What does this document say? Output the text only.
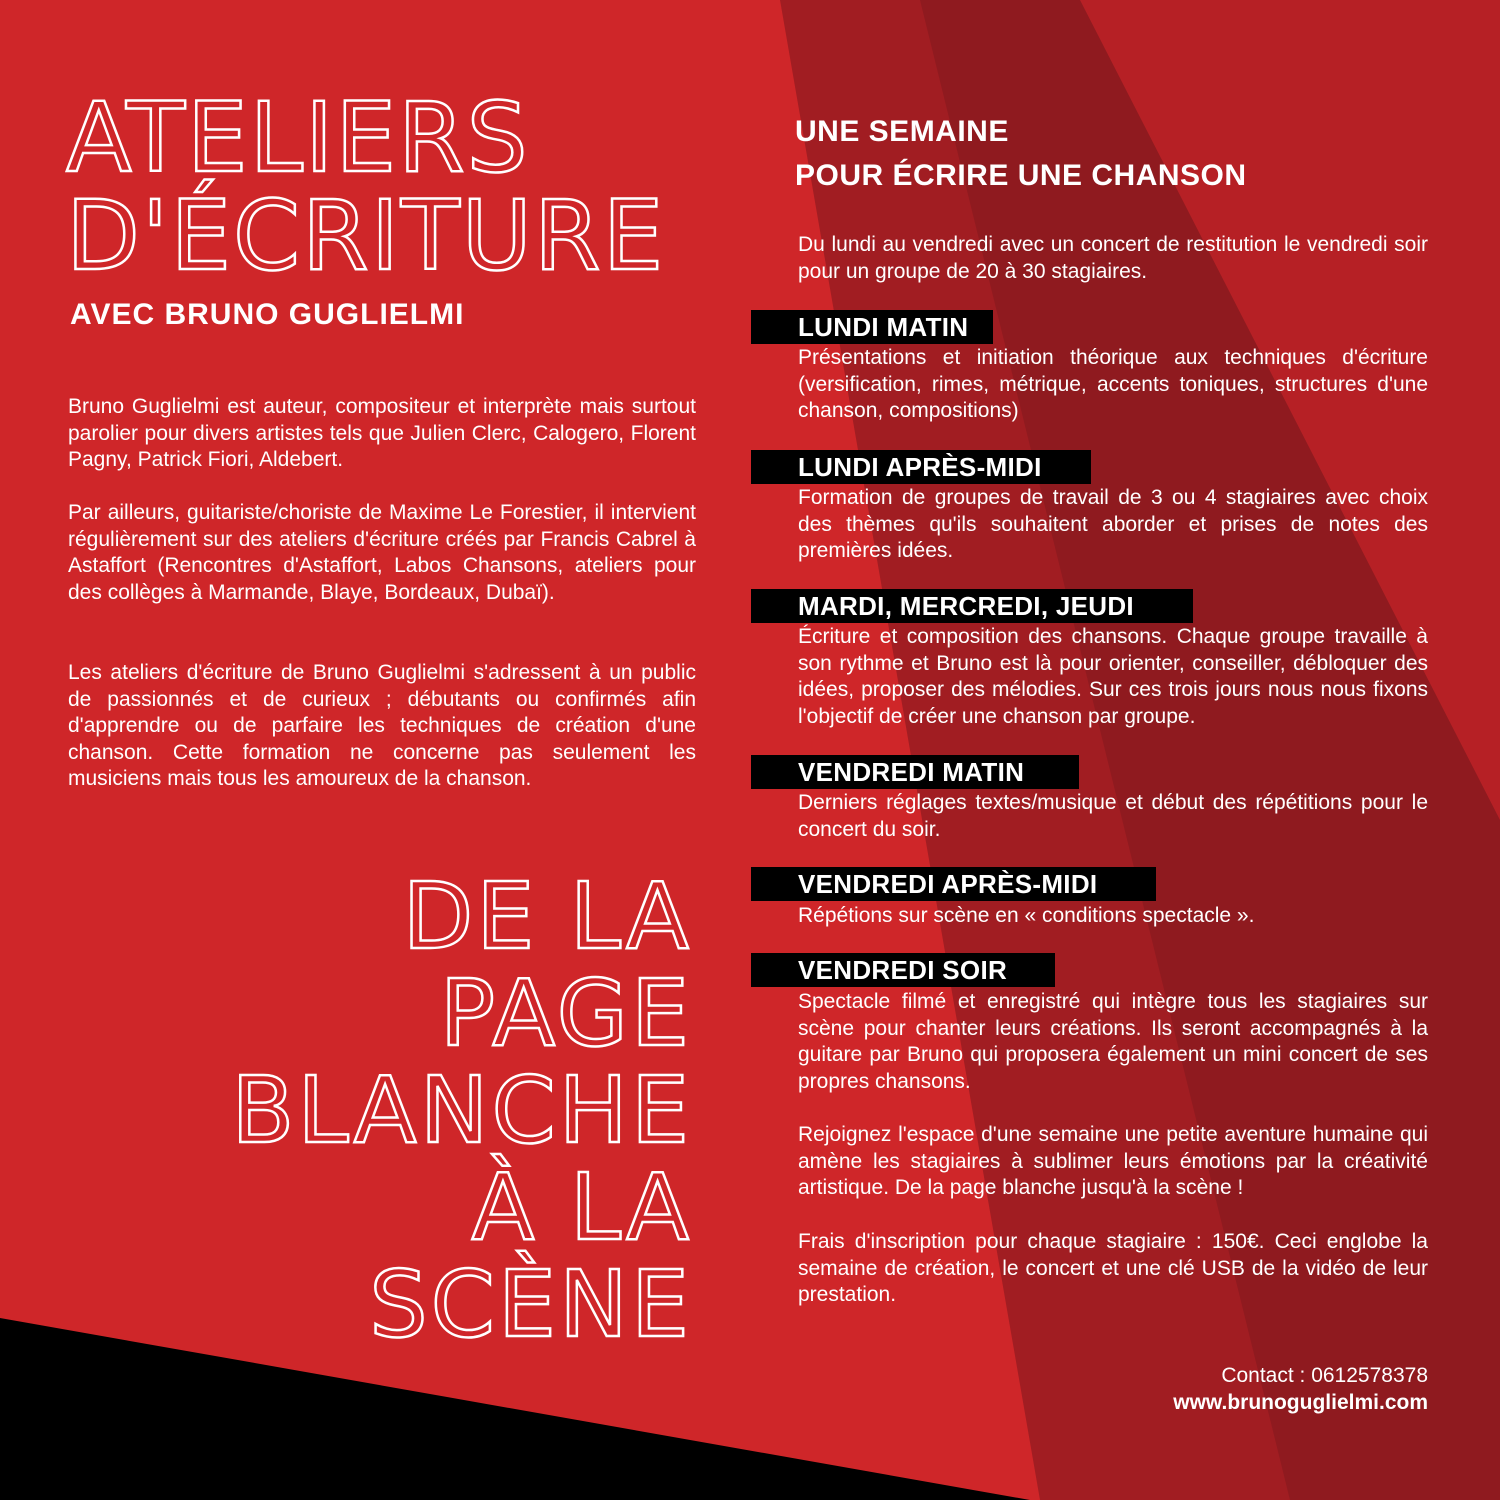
ATELIERS
D'ÉCRITURE
AVEC BRUNO GUGLIELMI

Bruno Guglielmi est auteur, compositeur et interprète mais surtout parolier pour divers artistes tels que Julien Clerc, Calogero, Florent Pagny, Patrick Fiori, Aldebert.

Par ailleurs, guitariste/choriste de Maxime Le Forestier, il intervient régulièrement sur des ateliers d'écriture créés par Francis Cabrel à Astaffort (Rencontres d'Astaffort, Labos Chansons, ateliers pour des collèges à Marmande, Blaye, Bordeaux, Dubaï).

Les ateliers d'écriture de Bruno Guglielmi s'adressent à un public de passionnés et de curieux ; débutants ou confirmés afin d'apprendre ou de parfaire les techniques de création d'une chanson. Cette formation ne concerne pas seulement les musiciens mais tous les amoureux de la chanson.

DE LA
PAGE
BLANCHE
À LA
SCÈNE
UNE SEMAINE
POUR ÉCRIRE UNE CHANSON

Du lundi au vendredi avec un concert de restitution le vendredi soir pour un groupe de 20 à 30 stagiaires.

LUNDI MATIN

Présentations et initiation théorique aux techniques d'écriture (versification, rimes, métrique, accents toniques, structures d'une chanson, compositions)

LUNDI APRÈS-MIDI

Formation de groupes de travail de 3 ou 4 stagiaires avec choix des thèmes qu'ils souhaitent aborder et prises de notes des premières idées.

MARDI, MERCREDI, JEUDI

Écriture et composition des chansons. Chaque groupe travaille à son rythme et Bruno est là pour orienter, conseiller, débloquer des idées, proposer des mélodies. Sur ces trois jours nous nous fixons l'objectif de créer une chanson par groupe.

VENDREDI MATIN

Derniers réglages textes/musique et début des répétitions pour le concert du soir.

VENDREDI APRÈS-MIDI

Répétions sur scène en « conditions spectacle ».

VENDREDI SOIR

Spectacle filmé et enregistré qui intègre tous les stagiaires sur scène pour chanter leurs créations. Ils seront accompagnés à la guitare par Bruno qui proposera également un mini concert de ses propres chansons.

Rejoignez l'espace d'une semaine une petite aventure humaine qui amène les stagiaires à sublimer leurs émotions par la créativité artistique. De la page blanche jusqu'à la scène !

Frais d'inscription pour chaque stagiaire : 150€. Ceci englobe la semaine de création, le concert et une clé USB de la vidéo de leur prestation.

Contact : 0612578378

www.brunoguglielmi.com
